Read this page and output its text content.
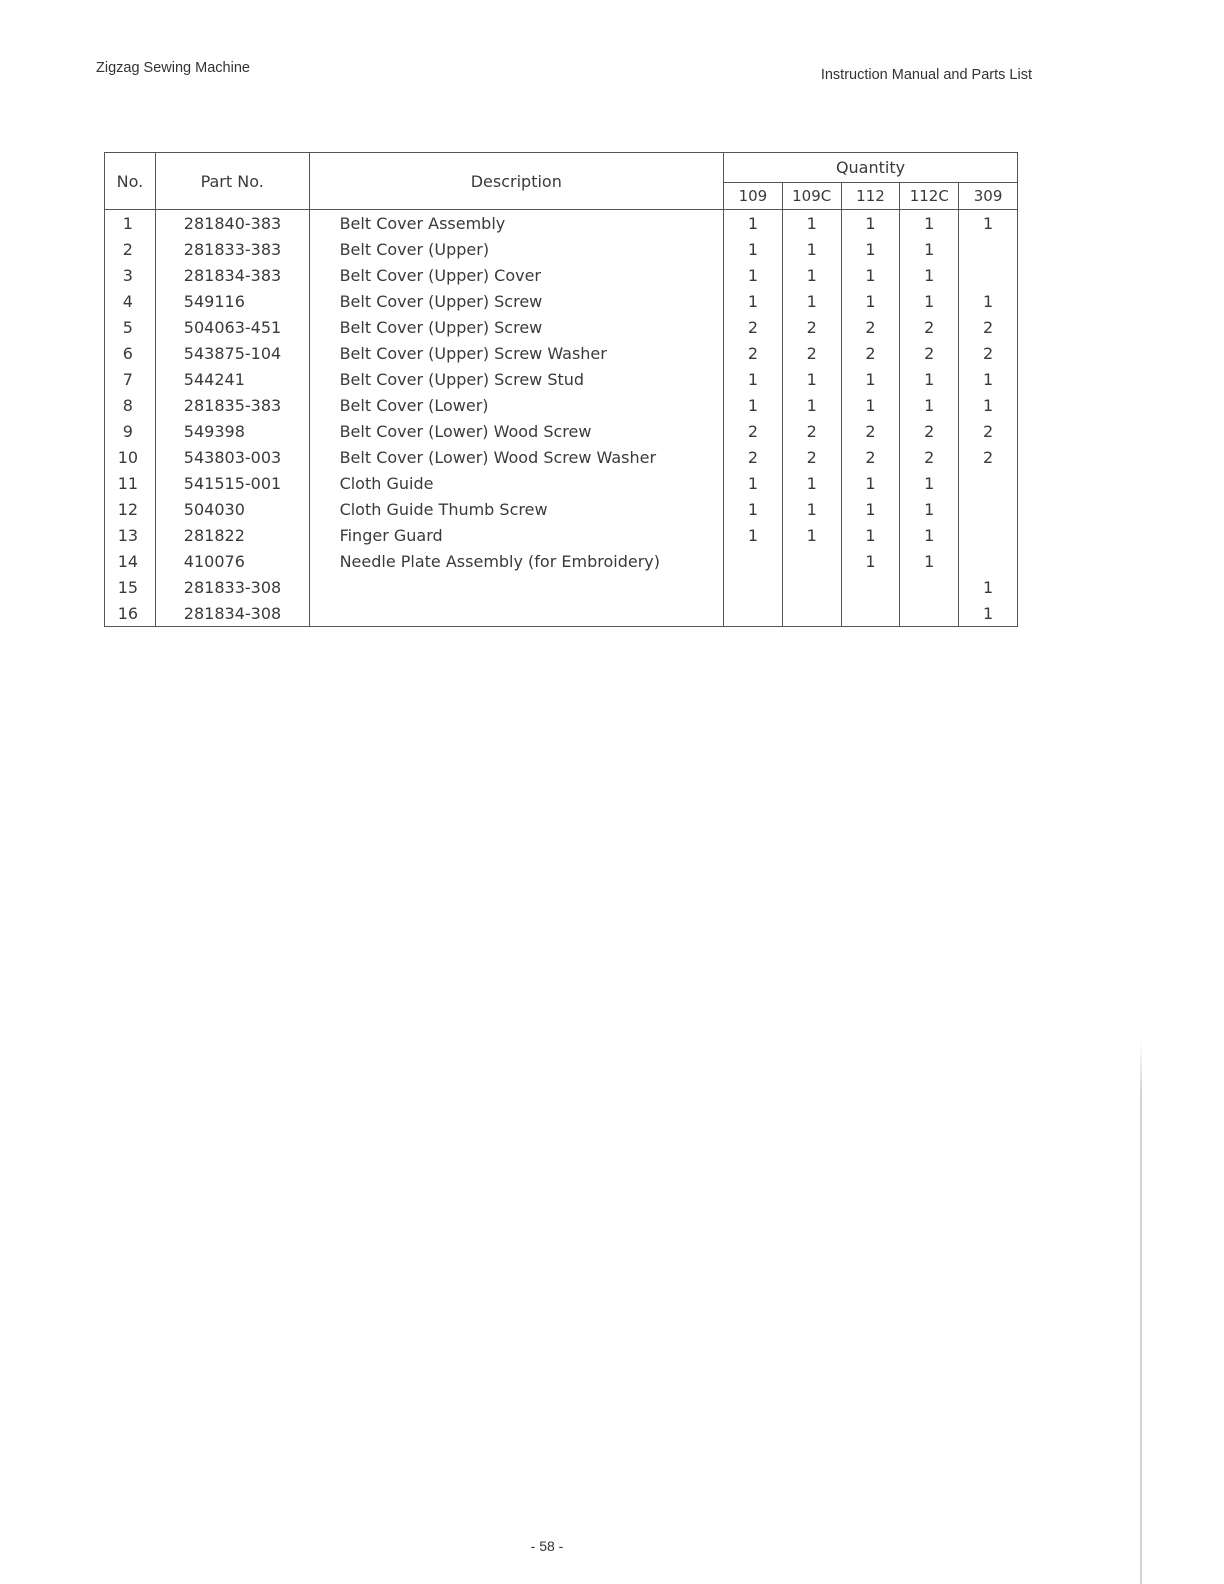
Zigzag Sewing Machine	Instruction Manual and Parts List
No.	Part No.	Description	Quantity				
			109	109C	112	112C	309
1	281840-383	Belt Cover Assembly	1	1	1	1	1
2	281833-383	Belt Cover (Upper)	1	1	1	1	
3	281834-383	Belt Cover (Upper) Cover	1	1	1	1	
4	549116	Belt Cover (Upper) Screw	1	1	1	1	1
5	504063-451	Belt Cover (Upper) Screw	2	2	2	2	2
6	543875-104	Belt Cover (Upper) Screw Washer	2	2	2	2	2
7	544241	Belt Cover (Upper) Screw Stud	1	1	1	1	1
8	281835-383	Belt Cover (Lower)	1	1	1	1	1
9	549398	Belt Cover (Lower) Wood Screw	2	2	2	2	2
10	543803-003	Belt Cover (Lower) Wood Screw Washer	2	2	2	2	2
11	541515-001	Cloth Guide	1	1	1	1	
12	504030	Cloth Guide Thumb Screw	1	1	1	1	
13	281822	Finger Guard	1	1	1	1	
14	410076	Needle Plate Assembly (for Embroidery)			1	1	
15	281833-308						1
16	281834-308						1
- 58 -
